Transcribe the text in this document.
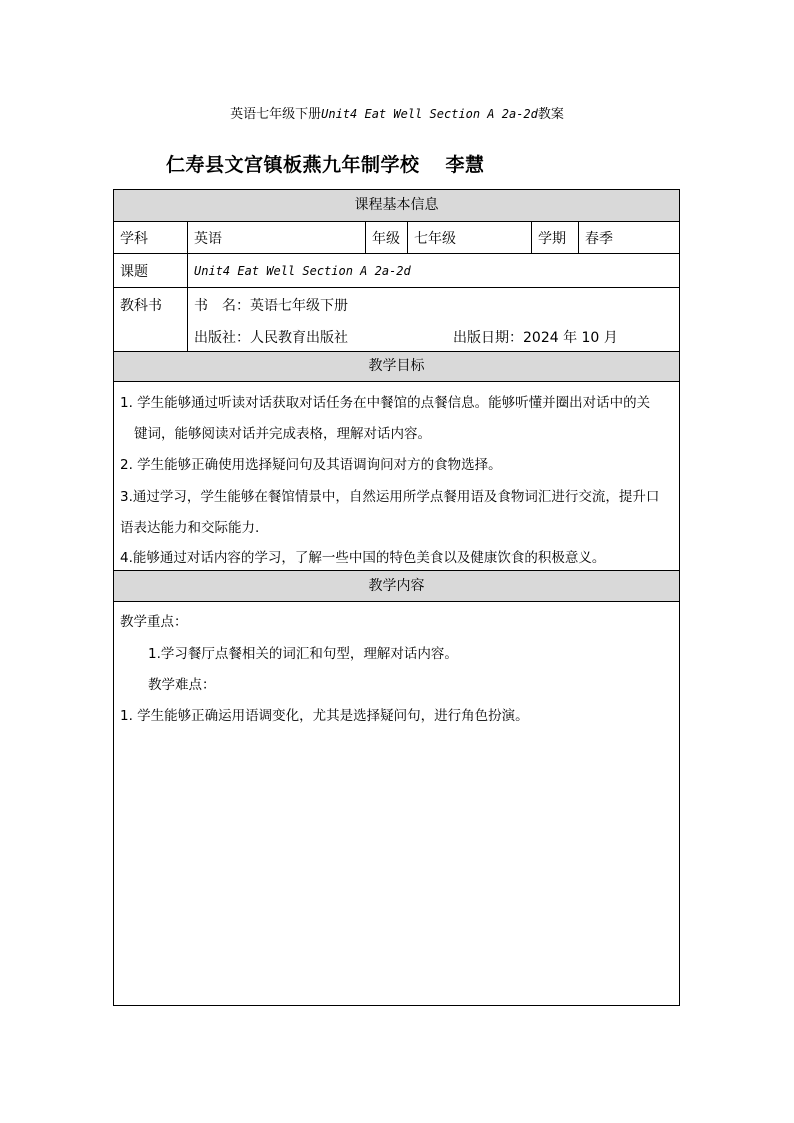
英语七年级下册Unit4 Eat Well Section A 2a-2d教案
仁寿县文宫镇板燕九年制学校 李慧
课程基本信息
学科	英语	年级	七年级	学期	春季
课题	Unit4 Eat Well Section A 2a-2d
教科书	书　名：英语七年级下册
出版社：人民教育出版社	出版日期：2024 年 10 月
教学目标
1. 学生能够通过听读对话获取对话任务在中餐馆的点餐信息。能够听懂并圈出对话中的关
键词，能够阅读对话并完成表格，理解对话内容。
2. 学生能够正确使用选择疑问句及其语调询问对方的食物选择。
3.通过学习，学生能够在餐馆情景中，自然运用所学点餐用语及食物词汇进行交流，提升口
语表达能力和交际能力.
4.能够通过对话内容的学习，了解一些中国的特色美食以及健康饮食的积极意义。
教学内容
教学重点：
1.学习餐厅点餐相关的词汇和句型，理解对话内容。
教学难点：
1. 学生能够正确运用语调变化，尤其是选择疑问句，进行角色扮演。
